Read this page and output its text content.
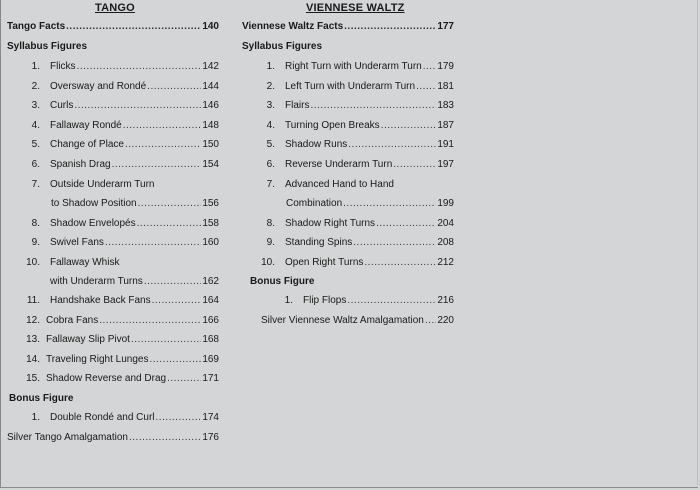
TANGO
Tango Facts .....	140
Syllabus Figures
1. Flicks .....	142
2. Oversway and Rondé .....	144
3. Curls .....	146
4. Fallaway Rondé .....	148
5. Change of Place .....	150
6. Spanish Drag .....	154
7. Outside Underarm Turn
to Shadow Position .....	156
8. Shadow Envelopés .....	158
9. Swivel Fans .....	160
10. Fallaway Whisk
with Underarm Turns .....	162
11. Handshake Back Fans .....	164
12. Cobra Fans .....	166
13. Fallaway Slip Pivot .....	168
14. Traveling Right Lunges .....	169
15. Shadow Reverse and Drag .....	171
Bonus Figure
1. Double Rondé and Curl .....	174
Silver Tango Amalgamation .....	176
VIENNESE WALTZ
Viennese Waltz Facts .....	177
Syllabus Figures
1. Right Turn with Underarm Turn ..... 179
2. Left Turn with Underarm Turn ..... 181
3. Flairs .....	183
4. Turning Open Breaks .....	187
5. Shadow Runs .....	191
6. Reverse Underarm Turn .....	197
7. Advanced Hand to Hand
Combination .....	199
8. Shadow Right Turns .....	204
9. Standing Spins .....	208
10. Open Right Turns .....	212
Bonus Figure
1. Flip Flops .....	216
Silver Viennese Waltz Amalgamation ..... 220
